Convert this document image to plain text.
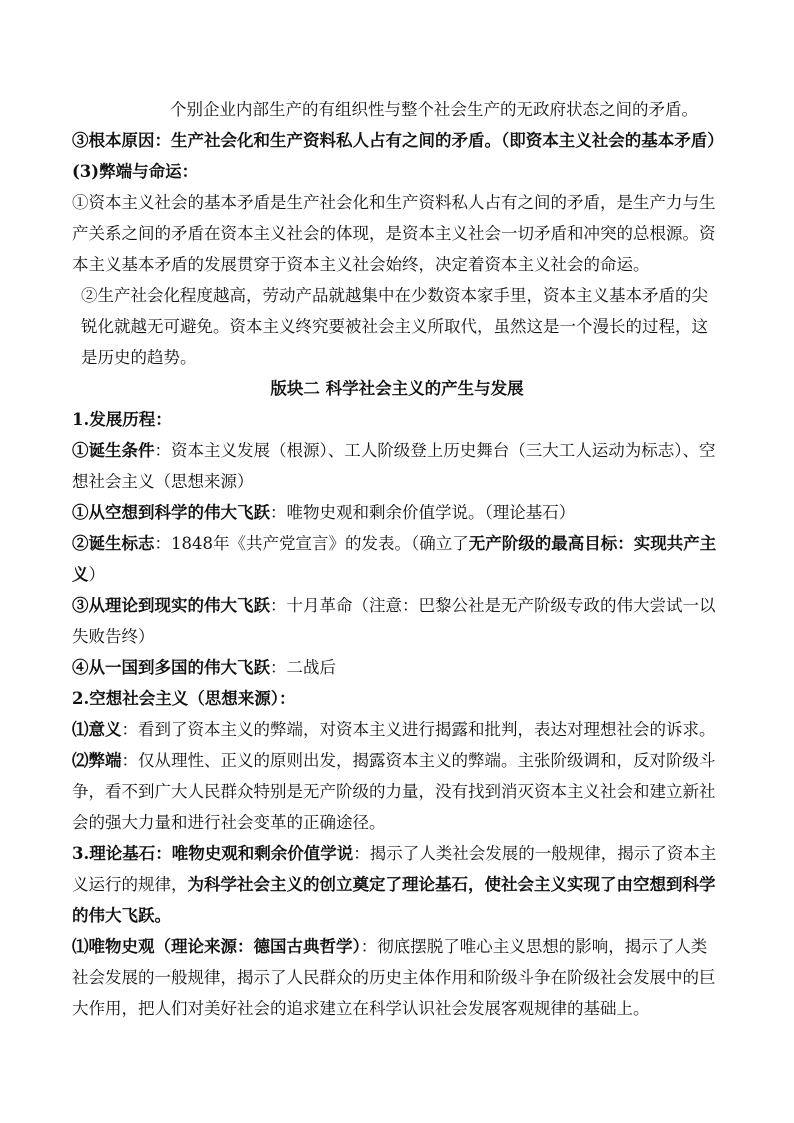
个别企业内部生产的有组织性与整个社会生产的无政府状态之间的矛盾。

③根本原因：生产社会化和生产资料私人占有之间的矛盾。（即资本主义社会的基本矛盾）

(3)弊端与命运：

①资本主义社会的基本矛盾是生产社会化和生产资料私人占有之间的矛盾，是生产力与生产关系之间的矛盾在资本主义社会的体现，是资本主义社会一切矛盾和冲突的总根源。资本主义基本矛盾的发展贯穿于资本主义社会始终，决定着资本主义社会的命运。

②生产社会化程度越高，劳动产品就越集中在少数资本家手里，资本主义基本矛盾的尖锐化就越无可避免。资本主义终究要被社会主义所取代，虽然这是一个漫长的过程，这是历史的趋势。

版块二 科学社会主义的产生与发展

1.发展历程：

①诞生条件：资本主义发展（根源）、工人阶级登上历史舞台（三大工人运动为标志）、空想社会主义（思想来源）

①从空想到科学的伟大飞跃：唯物史观和剩余价值学说。（理论基石）

②诞生标志：1848年《共产党宣言》的发表。（确立了无产阶级的最高目标：实现共产主义）

③从理论到现实的伟大飞跃：十月革命（注意：巴黎公社是无产阶级专政的伟大尝试一以失败告终）

④从一国到多国的伟大飞跃：二战后

2.空想社会主义（思想来源）：

⑴意义：看到了资本主义的弊端，对资本主义进行揭露和批判，表达对理想社会的诉求。

⑵弊端：仅从理性、正义的原则出发，揭露资本主义的弊端。主张阶级调和，反对阶级斗争，看不到广大人民群众特别是无产阶级的力量，没有找到消灭资本主义社会和建立新社会的强大力量和进行社会变革的正确途径。

3.理论基石：唯物史观和剩余价值学说：揭示了人类社会发展的一般规律，揭示了资本主义运行的规律，为科学社会主义的创立奠定了理论基石，使社会主义实现了由空想到科学的伟大飞跃。

⑴唯物史观（理论来源：德国古典哲学）：彻底摆脱了唯心主义思想的影响，揭示了人类社会发展的一般规律，揭示了人民群众的历史主体作用和阶级斗争在阶级社会发展中的巨大作用，把人们对美好社会的追求建立在科学认识社会发展客观规律的基础上。
